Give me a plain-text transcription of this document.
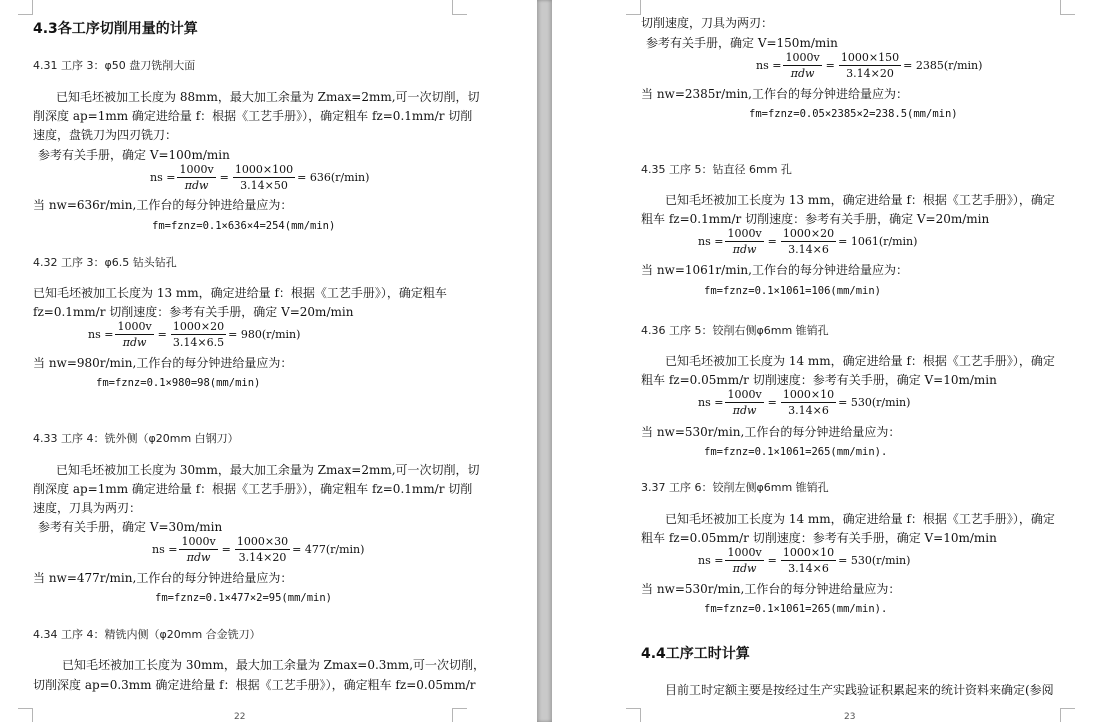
4.3各工序切削用量的计算
4.31 工序 3：φ50 盘刀铣削大面
已知毛坯被加工长度为 88mm，最大加工余量为 Zmax=2mm,可一次切削，切
削深度 ap=1mm 确定进给量 f：根据《工艺手册》），确定粗车 fz=0.1mm/r 切削
速度，盘铣刀为四刃铣刀：
参考有关手册，确定 V=100m/min
ns = $\frac{1000v}{\text{πdw}} = \frac{1000\times 100}{3.14\times 50} = 636(r/\min)$
当 nw=636r/min,工作台的每分钟进给量应为：
fm=fznz=0.1×636×4=254(mm/min)
4.32 工序 3：φ6.5 钻头钻孔
已知毛坯被加工长度为 13 mm，确定进给量 f：根据《工艺手册》），确定粗车
fz=0.1mm/r 切削速度：参考有关手册，确定 V=20m/min
ns = $\frac{1000v}{\text{πdw}} = \frac{1000\times 20}{3.14\times 6.5} = 980(r/\min)$
当 nw=980r/min,工作台的每分钟进给量应为：
fm=fznz=0.1×980=98(mm/min)
4.33 工序 4：铣外侧（φ20mm 白钢刀）
已知毛坯被加工长度为 30mm，最大加工余量为 Zmax=2mm,可一次切削，切
削深度 ap=1mm 确定进给量 f：根据《工艺手册》），确定粗车 fz=0.1mm/r 切削
速度，刀具为两刃：
参考有关手册，确定 V=30m/min
ns = $\frac{1000v}{\text{πdw}} = \frac{1000\times 30}{3.14\times 20} = 477(r/\min)$
当 nw=477r/min,工作台的每分钟进给量应为：
fm=fznz=0.1×477×2=95(mm/min)
4.34 工序 4：精铣内侧（φ20mm 合金铣刀）
已知毛坯被加工长度为 30mm，最大加工余量为 Zmax=0.3mm,可一次切削，
切削深度 ap=0.3mm 确定进给量 f：根据《工艺手册》），确定粗车 fz=0.05mm/r
22
切削速度，刀具为两刃：
参考有关手册，确定 V=150m/min
ns = $\frac{1000v}{\text{πdw}} = \frac{1000\times 150}{3.14\times 20} = 2385(r/\min)$
当 nw=2385r/min,工作台的每分钟进给量应为：
fm=fznz=0.05×2385×2=238.5(mm/min)
4.35 工序 5：钻直径 6mm 孔
已知毛坯被加工长度为 13 mm，确定进给量 f：根据《工艺手册》），确定
粗车 fz=0.1mm/r 切削速度：参考有关手册，确定 V=20m/min
ns = $\frac{1000v}{\text{πdw}} = \frac{1000\times 20}{3.14\times 6} = 1061(r/\min)$
当 nw=1061r/min,工作台的每分钟进给量应为：
fm=fznz=0.1×1061=106(mm/min)
4.36 工序 5：铰削右侧φ6mm 锥销孔
已知毛坯被加工长度为 14 mm，确定进给量 f：根据《工艺手册》），确定
粗车 fz=0.05mm/r 切削速度：参考有关手册，确定 V=10m/min
ns = $\frac{1000v}{\text{πdw}} = \frac{1000\times 10}{3.14\times 6} = 530(r/\min)$
当 nw=530r/min,工作台的每分钟进给量应为：
fm=fznz=0.1×1061=265(mm/min).
3.37 工序 6：铰削左侧φ6mm 锥销孔
已知毛坯被加工长度为 14 mm，确定进给量 f：根据《工艺手册》），确定
粗车 fz=0.05mm/r 切削速度：参考有关手册，确定 V=10m/min
ns = $\frac{1000v}{\text{πdw}} = \frac{1000\times 10}{3.14\times 6} = 530(r/\min)$
当 nw=530r/min,工作台的每分钟进给量应为：
fm=fznz=0.1×1061=265(mm/min).
4.4工序工时计算
目前工时定额主要是按经过生产实践验证积累起来的统计资料来确定(参阅
23
